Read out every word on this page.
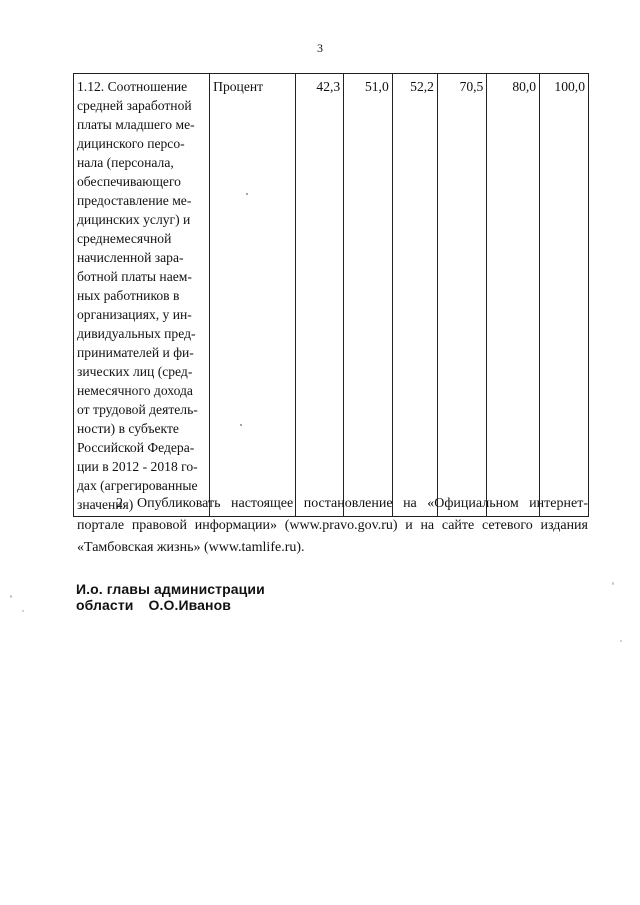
3
1.12. Соотношение средней заработной платы младшего ме-дицинского персо-нала (персонала, обеспечивающего предоставление ме-дицинских услуг) и среднемесячной начисленной зара-ботной платы наем-ных работников в организациях, у ин-дивидуальных пред-принимателей и фи-зических лиц (сред-немесячного дохода от трудовой деятель-ности) в субъекте Российской Федера-ции в 2012 - 2018 го-дах (агрегированные значения)	Процент	42,3	51,0	52,2	70,5	80,0	100,0

2. Опубликовать настоящее постановление на «Официальном интернет-портале правовой информации» (www.pravo.gov.ru) и на сайте сетевого издания «Тамбовская жизнь» (www.tamlife.ru).

И.о. главы администрации
области О.О.Иванов
